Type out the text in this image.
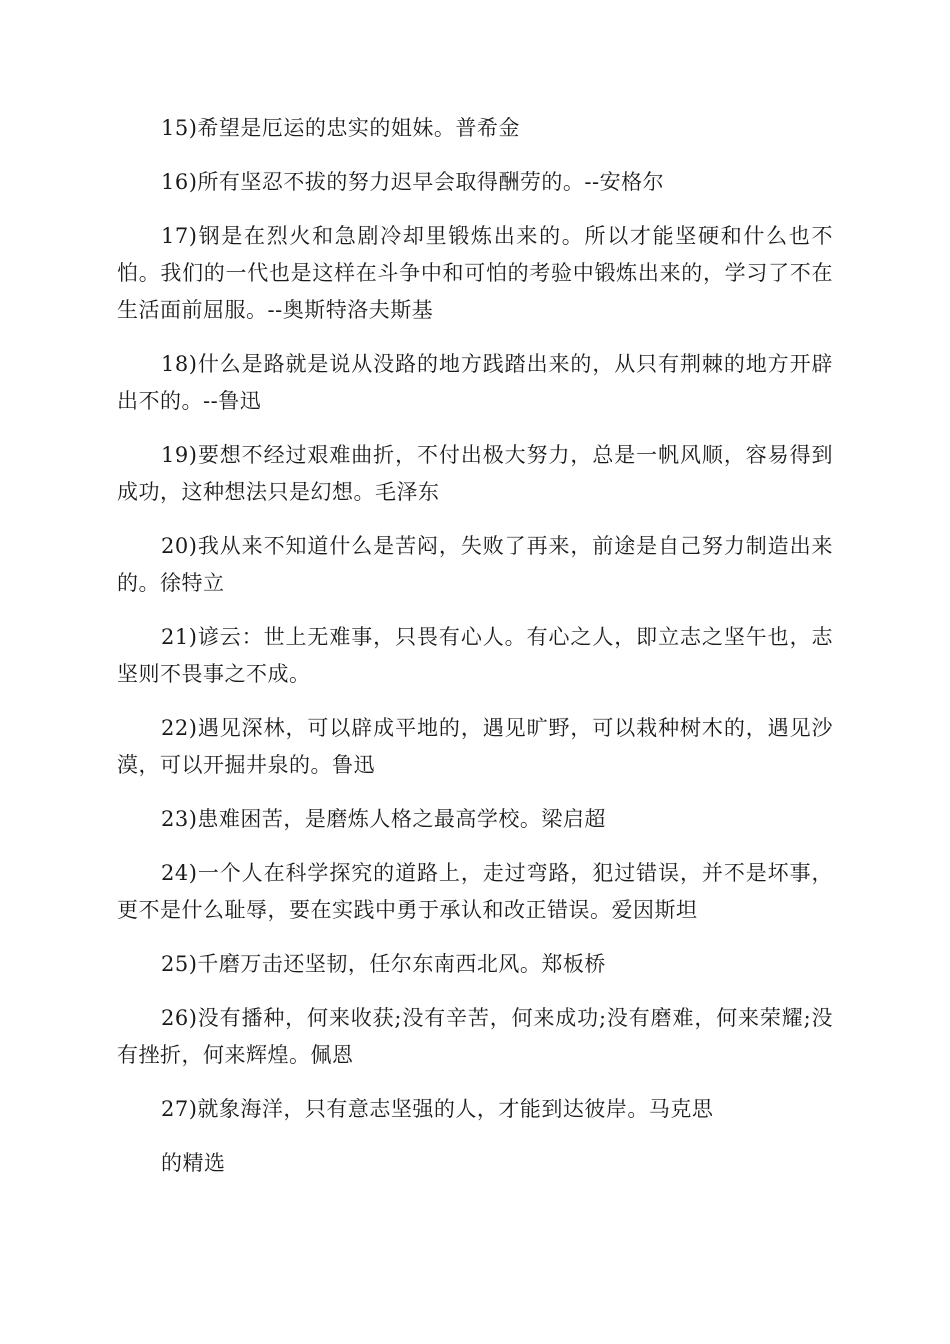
15)希望是厄运的忠实的姐妹。普希金

16)所有坚忍不拔的努力迟早会取得酬劳的。--安格尔

17)钢是在烈火和急剧冷却里锻炼出来的。所以才能坚硬和什么也不怕。我们的一代也是这样在斗争中和可怕的考验中锻炼出来的，学习了不在生活面前屈服。--奥斯特洛夫斯基

18)什么是路就是说从没路的地方践踏出来的，从只有荆棘的地方开辟出不的。--鲁迅

19)要想不经过艰难曲折，不付出极大努力，总是一帆风顺，容易得到成功，这种想法只是幻想。毛泽东

20)我从来不知道什么是苦闷，失败了再来，前途是自己努力制造出来的。徐特立

21)谚云：世上无难事，只畏有心人。有心之人，即立志之坚午也，志坚则不畏事之不成。

22)遇见深林，可以辟成平地的，遇见旷野，可以栽种树木的，遇见沙漠，可以开掘井泉的。鲁迅

23)患难困苦，是磨炼人格之最高学校。梁启超

24)一个人在科学探究的道路上，走过弯路，犯过错误，并不是坏事，更不是什么耻辱，要在实践中勇于承认和改正错误。爱因斯坦

25)千磨万击还坚韧，任尔东南西北风。郑板桥

26)没有播种，何来收获;没有辛苦，何来成功;没有磨难，何来荣耀;没有挫折，何来辉煌。佩恩

27)就象海洋，只有意志坚强的人，才能到达彼岸。马克思

的精选
